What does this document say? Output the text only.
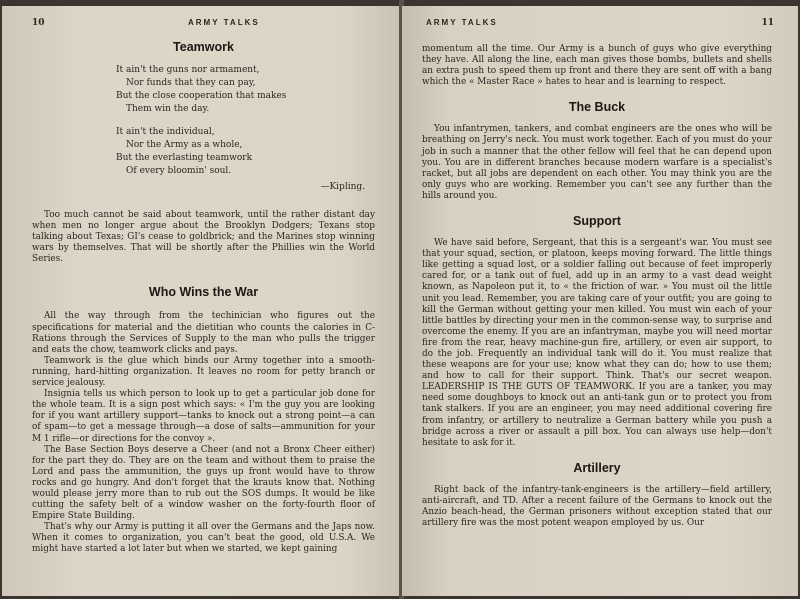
10	ARMY TALKS
Teamwork
It ain't the guns nor armament,
Nor funds that they can pay,
But the close cooperation that makes
Them win the day.
It ain't the individual,
Nor the Army as a whole,
But the everlasting teamwork
Of every bloomin' soul.
—Kipling.

Too much cannot be said about teamwork, until the rather distant day when men no longer argue about the Brooklyn Dodgers; Texans stop talking about Texas; GI's cease to goldbrick; and the Marines stop winning wars by themselves. That will be shortly after the Phillies win the World Series.

Who Wins the War

All the way through from the techinician who figures out the specifications for material and the dietitian who counts the calories in C-Rations through the Services of Supply to the man who pulls the trigger and eats the chow, teamwork clicks and pays.

Teamwork is the glue which binds our Army together into a smooth-running, hard-hitting organization. It leaves no room for petty branch or service jealousy.

Insignia tells us which person to look up to get a particular job done for the whole team. It is a sign post which says: « I'm the guy you are looking for if you want artillery support—tanks to knock out a strong point—a can of spam—to get a message through—a dose of salts—ammunition for your M 1 rifle—or directions for the convoy ».

The Base Section Boys deserve a Cheer (and not a Bronx Cheer either) for the part they do. They are on the team and without them to praise the Lord and pass the ammunition, the guys up front would have to throw rocks and go hungry. And don't forget that the krauts know that. Nothing would please jerry more than to rub out the SOS dumps. It would be like cutting the safety belt of a window washer on the forty-fourth floor of Empire State Building.

That's why our Army is putting it all over the Germans and the Japs now. When it comes to organization, you can't beat the good, old U.S.A. We might have started a lot later but when we started, we kept gaining

ARMY TALKS	11

momentum all the time. Our Army is a bunch of guys who give everything they have. All along the line, each man gives those bombs, bullets and shells an extra push to speed them up front and there they are sent off with a bang which the « Master Race » hates to hear and is learning to respect.

The Buck

You infantrymen, tankers, and combat engineers are the ones who will be breathing on Jerry's neck. You must work together. Each of you must do your job in such a manner that the other fellow will feel that he can depend upon you. You are in different branches because modern warfare is a specialist's racket, but all jobs are dependent on each other. You may think you are the only guys who are working. Remember you can't see any further than the hills around you.

Support

We have said before, Sergeant, that this is a sergeant's war. You must see that your squad, section, or platoon, keeps moving forward. The little things like getting a squad lost, or a soldier falling out because of feet improperly cared for, or a tank out of fuel, add up in an army to a vast dead weight known, as Napoleon put it, to « the friction of war. » You must oil the little unit you lead. Remember, you are taking care of your outfit; you are going to kill the German without getting your men killed. You must win each of your little battles by directing your men in the common-sense way, to surprise and overcome the enemy. If you are an infantryman, maybe you will need mortar fire from the rear, heavy machine-gun fire, artillery, or even air support, to do the job. Frequently an individual tank will do it. You must realize that these weapons are for your use; know what they can do; how to use them; and how to call for their support. Think. That's our secret weapon. LEADERSHIP IS THE GUTS OF TEAMWORK. If you are a tanker, you may need some doughboys to knock out an anti-tank gun or to protect you from tank stalkers. If you are an engineer, you may need additional covering fire from infantry, or artillery to neutralize a German battery while you push a bridge across a river or assault a pill box. You can always use help—don't hesitate to ask for it.

Artillery

Right back of the infantry-tank-engineers is the artillery—field artillery, anti-aircraft, and TD. After a recent failure of the Germans to knock out the Anzio beach-head, the German prisoners without exception stated that our artillery fire was the most potent weapon employed by us. Our
